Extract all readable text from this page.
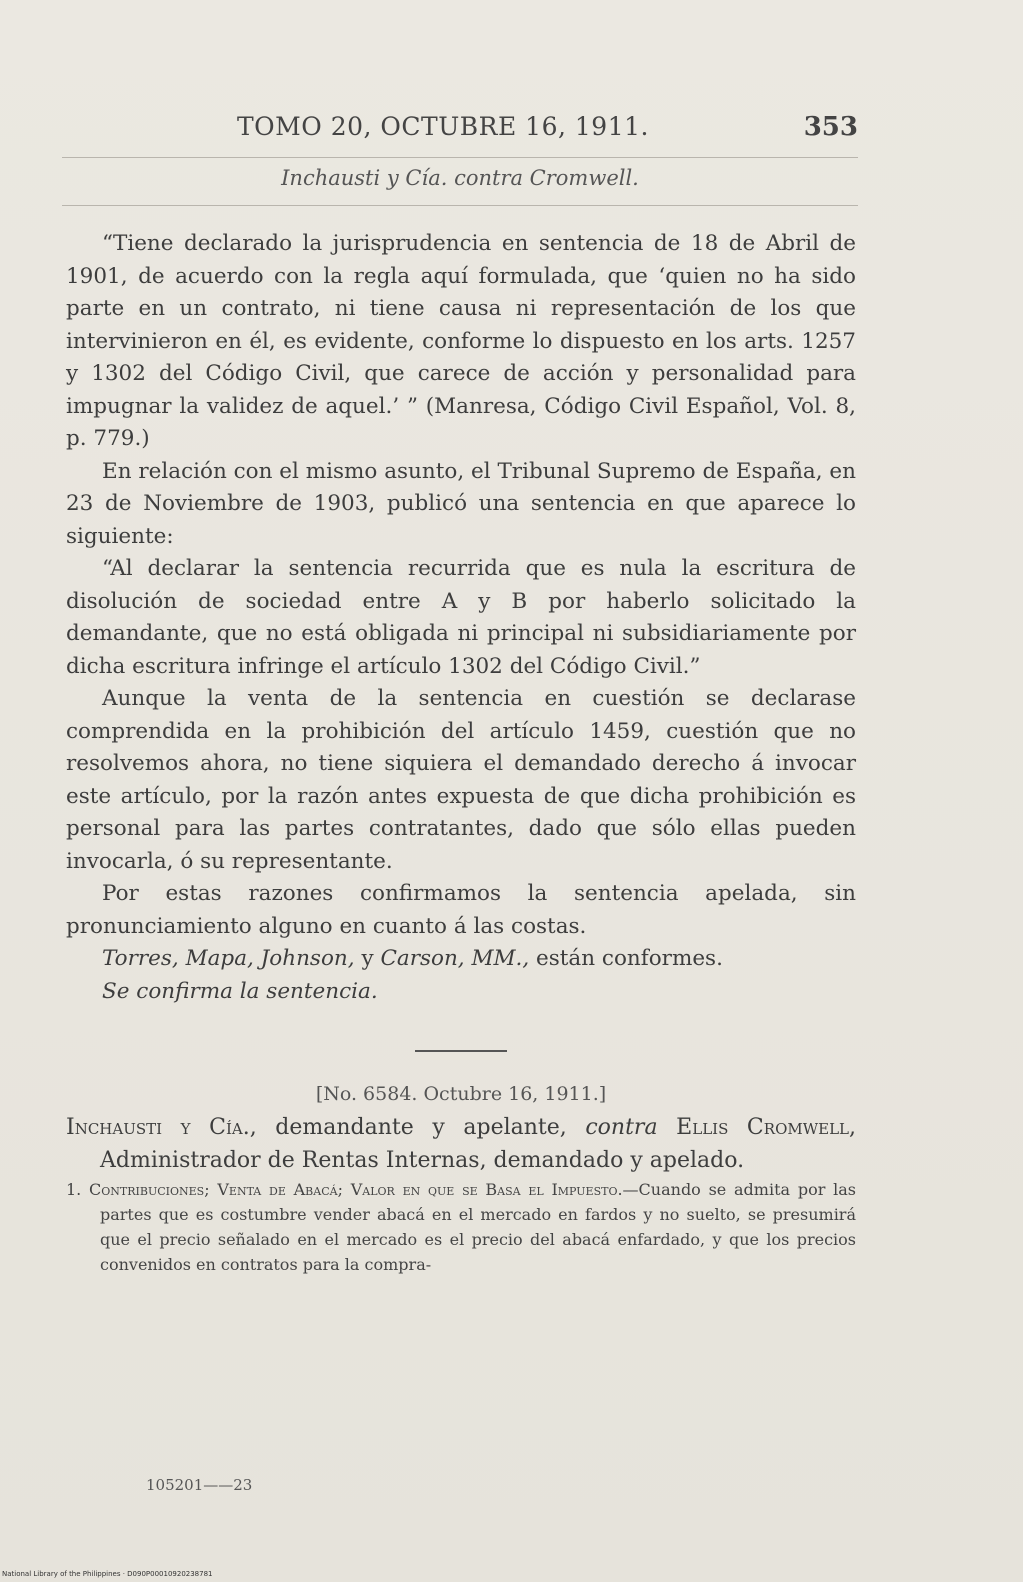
TOMO 20, OCTUBRE 16, 1911.	353
Inchausti y Cía. contra Cromwell.

“Tiene declarado la jurisprudencia en sentencia de 18 de Abril de 1901, de acuerdo con la regla aquí formulada, que ‘quien no ha sido parte en un contrato, ni tiene causa ni representación de los que intervinieron en él, es evidente, conforme lo dispuesto en los arts. 1257 y 1302 del Código Civil, que carece de acción y personalidad para impugnar la validez de aquel.’ ” (Manresa, Código Civil Español, Vol. 8, p. 779.)

En relación con el mismo asunto, el Tribunal Supremo de España, en 23 de Noviembre de 1903, publicó una sentencia en que aparece lo siguiente:

“Al declarar la sentencia recurrida que es nula la escritura de disolución de sociedad entre A y B por haberlo solicitado la demandante, que no está obligada ni principal ni subsidiariamente por dicha escritura infringe el artículo 1302 del Código Civil.”

Aunque la venta de la sentencia en cuestión se declarase comprendida en la prohibición del artículo 1459, cuestión que no resolvemos ahora, no tiene siquiera el demandado derecho á invocar este artículo, por la razón antes expuesta de que dicha prohibición es personal para las partes contratantes, dado que sólo ellas pueden invocarla, ó su representante.

Por estas razones confirmamos la sentencia apelada, sin pronunciamiento alguno en cuanto á las costas.

Torres, Mapa, Johnson, y Carson, MM., están conformes.

Se confirma la sentencia.

[No. 6584. Octubre 16, 1911.]

Inchausti y Cía., demandante y apelante, contra Ellis Cromwell, Administrador de Rentas Internas, demandado y apelado.

1. Contribuciones; Venta de Abacá; Valor en que se Basa el Impuesto.—Cuando se admita por las partes que es costumbre vender abacá en el mercado en fardos y no suelto, se presumirá que el precio señalado en el mercado es el precio del abacá enfardado, y que los precios convenidos en contratos para la compra-

105201——23
National Library of the Philippines · D090P00010920238781
